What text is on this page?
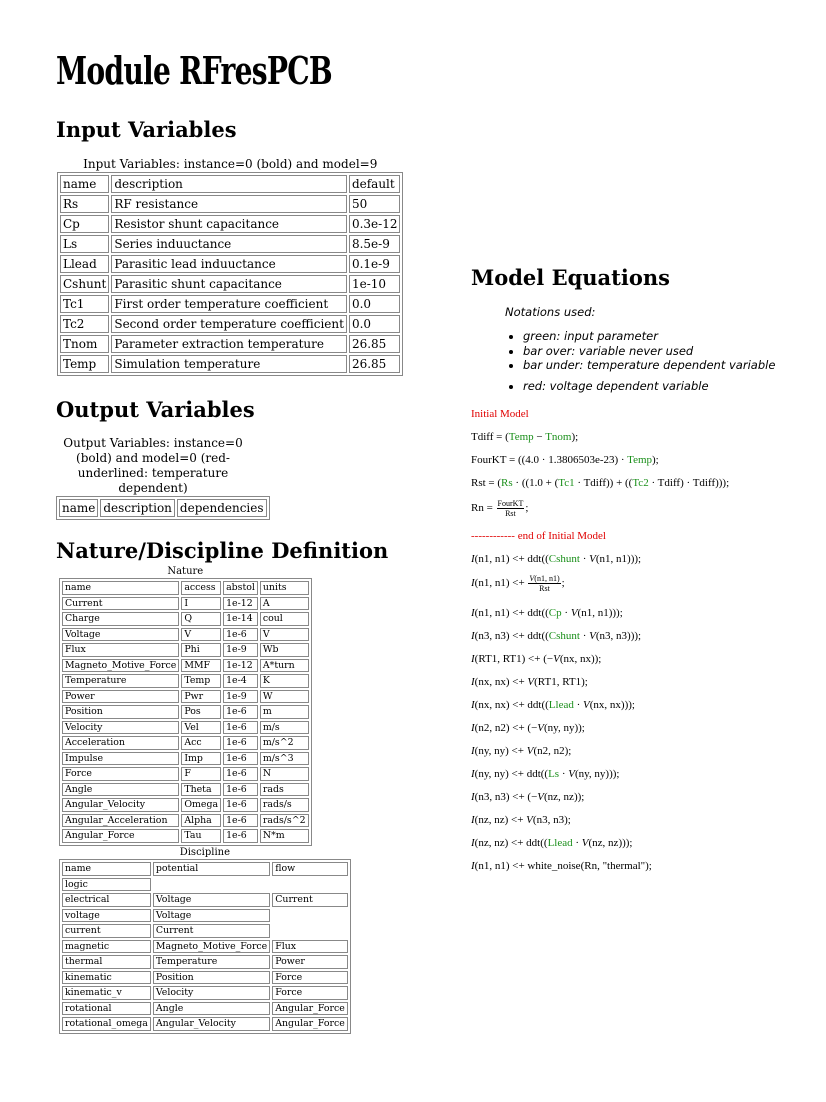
Module RFresPCB
Input Variables
Input Variables: instance=0 (bold) and model=9
name	description	default
Rs	RF resistance	50
Cp	Resistor shunt capacitance	0.3e-12
Ls	Series induuctance	8.5e-9
Llead	Parasitic lead induuctance	0.1e-9
Cshunt	Parasitic shunt capacitance	1e-10
Tc1	First order temperature coefficient	0.0
Tc2	Second order temperature coefficient	0.0
Tnom	Parameter extraction temperature	26.85
Temp	Simulation temperature	26.85
Output Variables
Output Variables: instance=0 (bold) and model=0 (red-underlined: temperature dependent)
name	description	dependencies
Nature/Discipline Definition
Nature
name	access	abstol	units
Current	I	1e-12	A
Charge	Q	1e-14	coul
Voltage	V	1e-6	V
Flux	Phi	1e-9	Wb
Magneto_Motive_Force	MMF	1e-12	A*turn
Temperature	Temp	1e-4	K
Power	Pwr	1e-9	W
Position	Pos	1e-6	m
Velocity	Vel	1e-6	m/s
Acceleration	Acc	1e-6	m/s^2
Impulse	Imp	1e-6	m/s^3
Force	F	1e-6	N
Angle	Theta	1e-6	rads
Angular_Velocity	Omega	1e-6	rads/s
Angular_Acceleration	Alpha	1e-6	rads/s^2
Angular_Force	Tau	1e-6	N*m
Discipline
name	potential	flow
logic		
electrical	Voltage	Current
voltage	Voltage	
current	Current	
magnetic	Magneto_Motive_Force	Flux
thermal	Temperature	Power
kinematic	Position	Force
kinematic_v	Velocity	Force
rotational	Angle	Angular_Force
rotational_omega	Angular_Velocity	Angular_Force
Model Equations
Notations used:
• green: input parameter
• bar over: variable never used
• bar under: temperature dependent variable
• red: voltage dependent variable
Initial Model
Tdiff = (Temp − Tnom);
FourKT = ((4.0 · 1.3806503e-23) · Temp);
Rst = (Rs · ((1.0 + (Tc1 · Tdiff)) + ((Tc2 · Tdiff) · Tdiff)));
$Rn = \frac{\text{FourKT}}{\text{Rst}}$ ;
------------ end of Initial Model
I(n1, n1) <+ ddt((Cshunt · V(n1, n1)));
I(n1, $n1) <+ \frac{V(n1, n1)}{\text{Rst}}$ ;
I(n1, n1) <+ ddt((Cp · V(n1, n1)));
I(n3, n3) <+ ddt((Cshunt · V(n3, n3)));
I(RT1, RT1) <+ (−V(nx, nx));
I(nx, nx) <+ V(RT1, RT1);
I(nx, nx) <+ ddt((Llead · V(nx, nx)));
I(n2, n2) <+ (−V(ny, ny));
I(ny, ny) <+ V(n2, n2);
I(ny, ny) <+ ddt((Ls · V(ny, ny)));
I(n3, n3) <+ (−V(nz, nz));
I(nz, nz) <+ V(n3, n3);
I(nz, nz) <+ ddt((Llead · V(nz, nz)));
I(n1, n1) <+ white_noise(Rn, "thermal");
